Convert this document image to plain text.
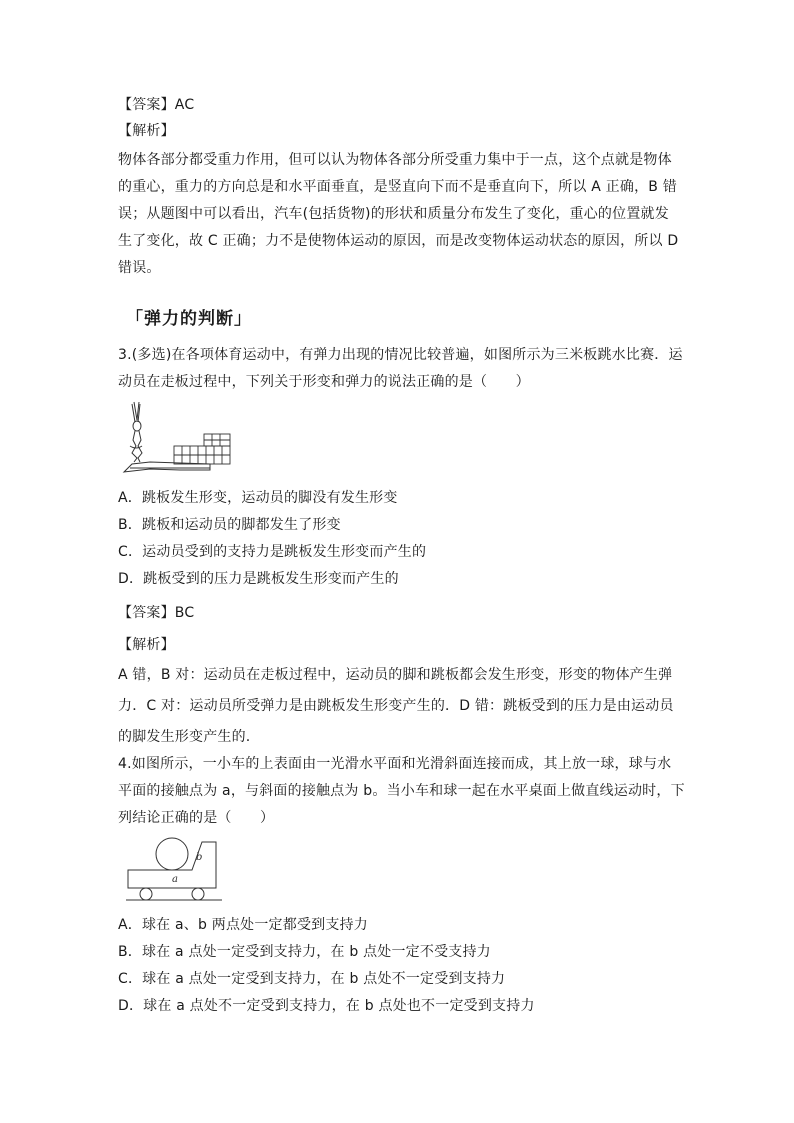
【答案】AC
【解析】
物体各部分都受重力作用，但可以认为物体各部分所受重力集中于一点，这个点就是物体
的重心，重力的方向总是和水平面垂直，是竖直向下而不是垂直向下，所以 A 正确，B 错
误；从题图中可以看出，汽车(包括货物)的形状和质量分布发生了变化，重心的位置就发
生了变化，故 C 正确；力不是使物体运动的原因，而是改变物体运动状态的原因，所以 D
错误。
「弹力的判断」
3.(多选)在各项体育运动中，有弹力出现的情况比较普遍，如图所示为三米板跳水比赛．运
动员在走板过程中，下列关于形变和弹力的说法正确的是（　　）
A．跳板发生形变，运动员的脚没有发生形变
B．跳板和运动员的脚都发生了形变
C．运动员受到的支持力是跳板发生形变而产生的
D．跳板受到的压力是跳板发生形变而产生的
【答案】BC
【解析】
A 错，B 对：运动员在走板过程中，运动员的脚和跳板都会发生形变，形变的物体产生弹
力．C 对：运动员所受弹力是由跳板发生形变产生的．D 错：跳板受到的压力是由运动员
的脚发生形变产生的.
4.如图所示，一小车的上表面由一光滑水平面和光滑斜面连接而成，其上放一球，球与水
平面的接触点为 a，与斜面的接触点为 b。当小车和球一起在水平桌面上做直线运动时，下
列结论正确的是（　　）
b
a
A．球在 a、b 两点处一定都受到支持力
B．球在 a 点处一定受到支持力，在 b 点处一定不受支持力
C．球在 a 点处一定受到支持力，在 b 点处不一定受到支持力
D．球在 a 点处不一定受到支持力，在 b 点处也不一定受到支持力
